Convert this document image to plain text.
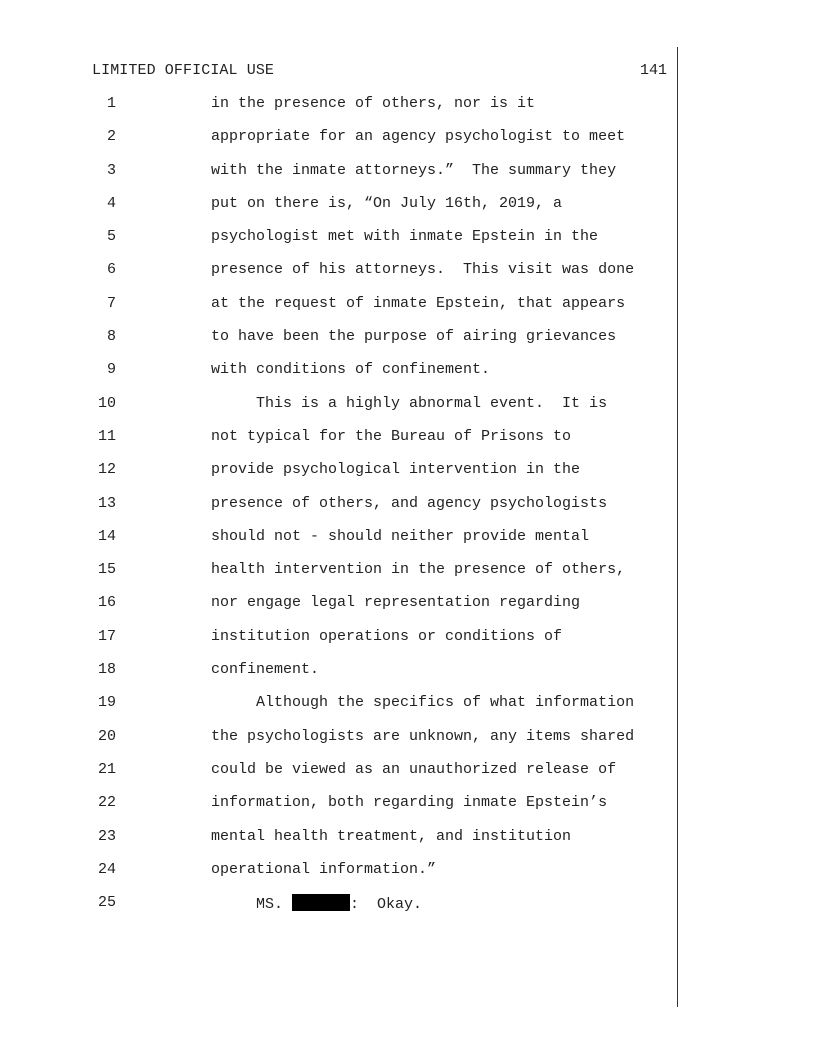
LIMITED OFFICIAL USE	141
1	in the presence of others, nor is it
2	appropriate for an agency psychologist to meet
3	with the inmate attorneys.”  The summary they
4	put on there is, “On July 16th, 2019, a
5	psychologist met with inmate Epstein in the
6	presence of his attorneys.  This visit was done
7	at the request of inmate Epstein, that appears
8	to have been the purpose of airing grievances
9	with conditions of confinement.
10	This is a highly abnormal event.  It is
11	not typical for the Bureau of Prisons to
12	provide psychological intervention in the
13	presence of others, and agency psychologists
14	should not - should neither provide mental
15	health intervention in the presence of others,
16	nor engage legal representation regarding
17	institution operations or conditions of
18	confinement.
19	Although the specifics of what information
20	the psychologists are unknown, any items shared
21	could be viewed as an unauthorized release of
22	information, both regarding inmate Epstein’s
23	mental health treatment, and institution
24	operational information.”
25	MS.	:  Okay.
